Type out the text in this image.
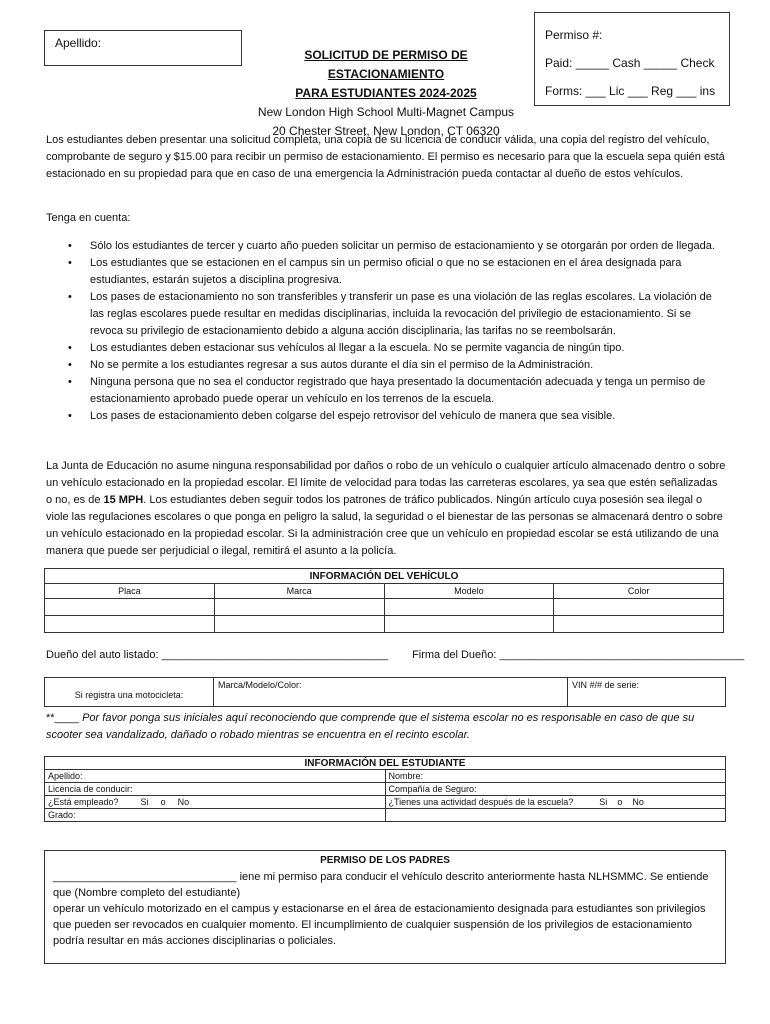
Apellido:
SOLICITUD DE PERMISO DE ESTACIONAMIENTO
PARA ESTUDIANTES 2024-2025
New London High School Multi-Magnet Campus
20 Chester Street, New London, CT 06320
Permiso #:
Paid: _____ Cash _____ Check
Forms: ___ Lic ___ Reg ___ ins
Los estudiantes deben presentar una solicitud completa, una copia de su licencia de conducir válida, una copia del registro del vehículo, comprobante de seguro y $15.00 para recibir un permiso de estacionamiento. El permiso es necesario para que la escuela sepa quién está estacionado en su propiedad para que en caso de una emergencia la Administración pueda contactar al dueño de estos vehículos.
Tenga en cuenta:
• Sólo los estudiantes de tercer y cuarto año pueden solicitar un permiso de estacionamiento y se otorgarán por orden de llegada.
• Los estudiantes que se estacionen en el campus sin un permiso oficial o que no se estacionen en el área designada para estudiantes, estarán sujetos a disciplina progresiva.
• Los pases de estacionamiento no son transferibles y transferir un pase es una violación de las reglas escolares. La violación de las reglas escolares puede resultar en medidas disciplinarias, incluida la revocación del privilegio de estacionamiento. Si se revoca su privilegio de estacionamiento debido a alguna acción disciplinaria, las tarifas no se reembolsarán.
• Los estudiantes deben estacionar sus vehículos al llegar a la escuela. No se permite vagancia de ningún tipo.
• No se permite a los estudiantes regresar a sus autos durante el día sin el permiso de la Administración.
• Ninguna persona que no sea el conductor registrado que haya presentado la documentación adecuada y tenga un permiso de estacionamiento aprobado puede operar un vehículo en los terrenos de la escuela.
• Los pases de estacionamiento deben colgarse del espejo retrovisor del vehículo de manera que sea visible.
La Junta de Educación no asume ninguna responsabilidad por daños o robo de un vehículo o cualquier artículo almacenado dentro o sobre un vehículo estacionado en la propiedad escolar. El límite de velocidad para todas las carreteras escolares, ya sea que estén señalizadas o no, es de 15 MPH. Los estudiantes deben seguir todos los patrones de tráfico publicados. Ningún artículo cuya posesión sea ilegal o viole las regulaciones escolares o que ponga en peligro la salud, la seguridad o el bienestar de las personas se almacenará dentro o sobre un vehículo estacionado en la propiedad escolar. Si la administración cree que un vehículo en propiedad escolar se está utilizando de una manera que puede ser perjudicial o ilegal, remitirá el asunto a la policía.
INFORMACIÓN DEL VEHÍCULO			
Placa	Marca	Modelo	Color

Dueño del auto listado: _____________________________________ Firma del Dueño: ________________________________________
Si registra una motocicleta:	Marca/Modelo/Color:	VIN #/# de serie:
**____ Por favor ponga sus iniciales aquí reconociendo que comprende que el sistema escolar no es responsable en caso de que su scooter sea vandalizado, dañado o robado mientras se encuentra en el recinto escolar.
INFORMACIÓN DEL ESTUDIANTE	
Apellido:	Nombre:
Licencia de conducir:	Compañía de Seguro:
¿Está empleado? Si o No	¿Tienes una actividad después de la escuela? Si o No
Grado:	
PERMISO DE LOS PADRES
______________________________ iene mi permiso para conducir el vehículo descrito anteriormente hasta NLHSMMC. Se entiende que (Nombre completo del estudiante)
operar un vehículo motorizado en el campus y estacionarse en el área de estacionamiento designada para estudiantes son privilegios que pueden ser revocados en cualquier momento. El incumplimiento de cualquier suspensión de los privilegios de estacionamiento podría resultar en más acciones disciplinarias o policiales.
